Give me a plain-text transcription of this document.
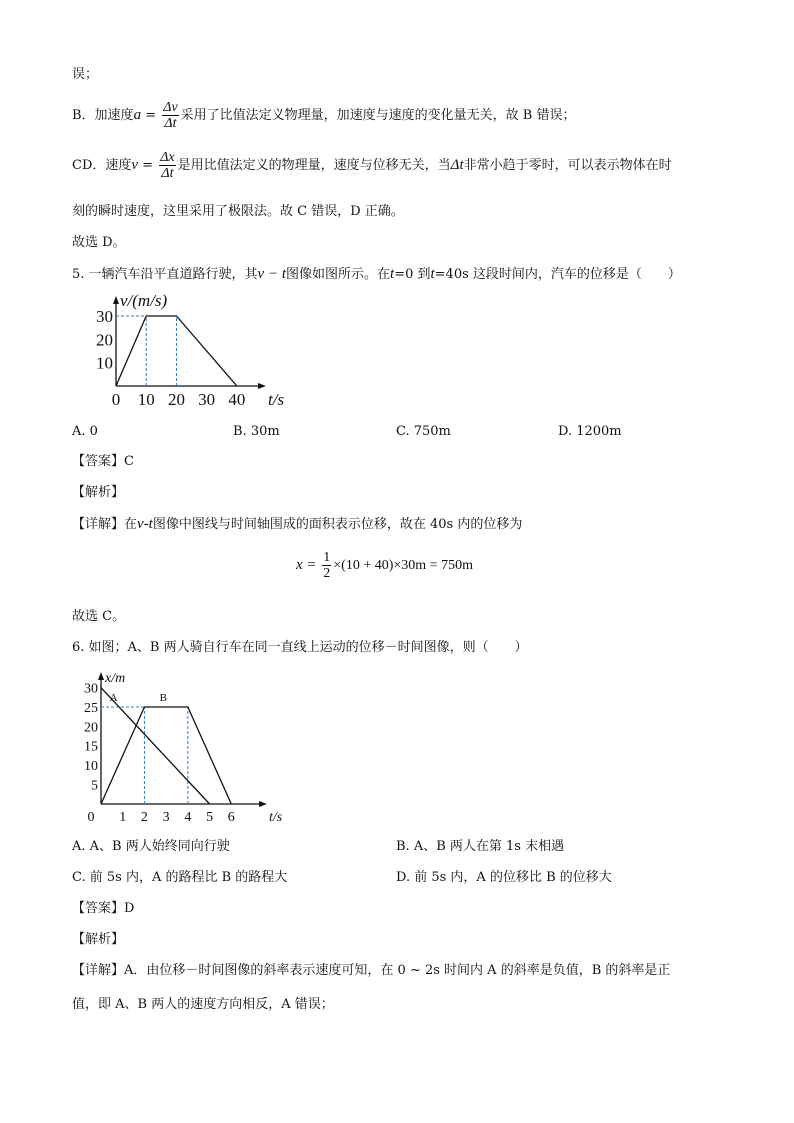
误；
B．加速度$a = \frac{\Delta v}{\Delta t}$ 采用了比值法定义物理量，加速度与速度的变化量无关，故 B 错误；
CD．速度$v = \frac{\Delta x}{\Delta t}$ 是用比值法定义的物理量，速度与位移无关，当Δt非常小趋于零时，可以表示物体在时
刻的瞬时速度，这里采用了极限法。故 C 错误，D 正确。
故选 D。
5. 一辆汽车沿平直道路行驶，其v − t图像如图所示。在t=0 到t=40s 这段时间内，汽车的位移是（　　）
0 10 20 30 40
10
20
30
v/(m/s)
t/s
A. 0	B. 30m	C. 750m	D. 1200m
【答案】C
【解析】
【详解】在v-t图像中图线与时间轴围成的面积表示位移，故在 40s 内的位移为
$x = \frac{1}{2} \times(10 + 40)\times 30m = 750m$
故选 C。
6. 如图；A、B 两人骑自行车在同一直线上运动的位移－时间图像，则（　　）
0 1 2 3 4 5 6
5
10
15
20
25
30
x/m
t/s
A	B
A. A、B 两人始终同向行驶	B. A、B 两人在第 1s 末相遇
C. 前 5s 内，A 的路程比 B 的路程大	D. 前 5s 内，A 的位移比 B 的位移大
【答案】D
【解析】
【详解】A．由位移－时间图像的斜率表示速度可知，在 0 ~ 2s 时间内 A 的斜率是负值，B 的斜率是正
值，即 A、B 两人的速度方向相反，A 错误；
